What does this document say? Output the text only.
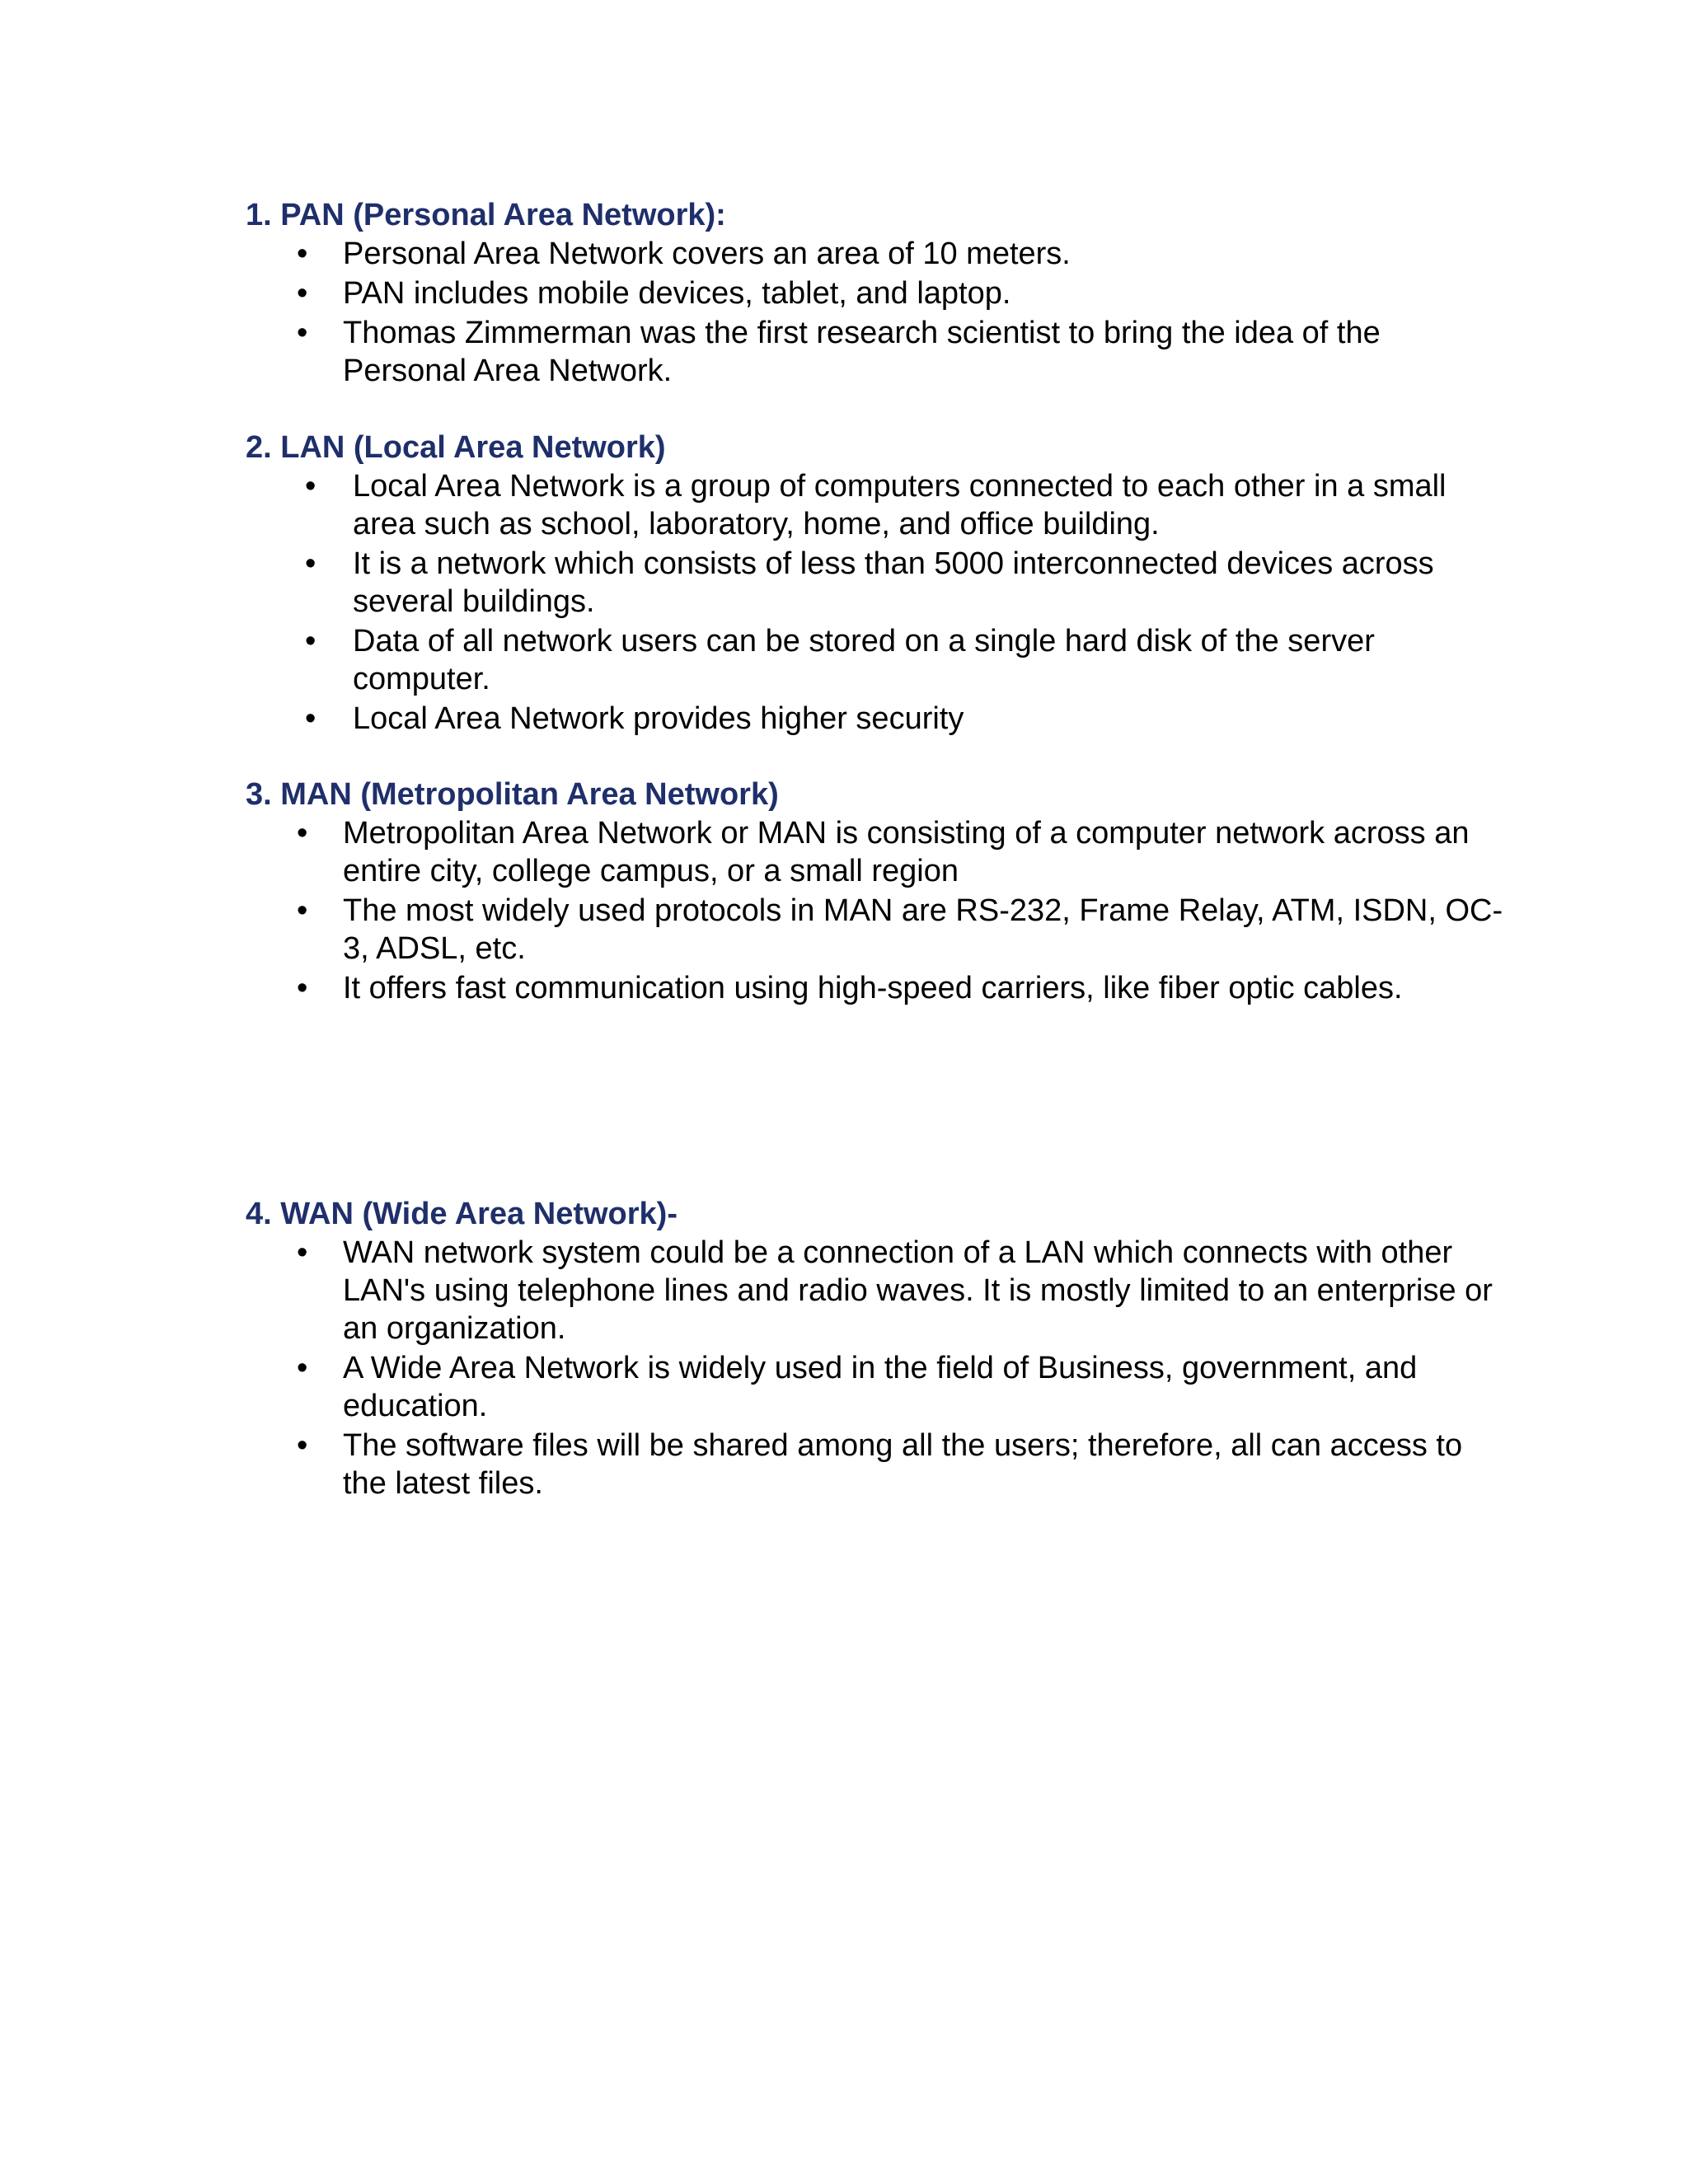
1. PAN (Personal Area Network):
• Personal Area Network covers an area of 10 meters.
• PAN includes mobile devices, tablet, and laptop.
• Thomas Zimmerman was the first research scientist to bring the idea of the Personal Area Network.
2. LAN (Local Area Network)
• Local Area Network is a group of computers connected to each other in a small area such as school, laboratory, home, and office building.
• It is a network which consists of less than 5000 interconnected devices across several buildings.
• Data of all network users can be stored on a single hard disk of the server computer.
• Local Area Network provides higher security
3. MAN (Metropolitan Area Network)
• Metropolitan Area Network or MAN is consisting of a computer network across an entire city, college campus, or a small region
• The most widely used protocols in MAN are RS-232, Frame Relay, ATM, ISDN, OC-3, ADSL, etc.
• It offers fast communication using high-speed carriers, like fiber optic cables.
4. WAN (Wide Area Network)-
• WAN network system could be a connection of a LAN which connects with other LAN's using telephone lines and radio waves. It is mostly limited to an enterprise or an organization.
• A Wide Area Network is widely used in the field of Business, government, and education.
• The software files will be shared among all the users; therefore, all can access to the latest files.
